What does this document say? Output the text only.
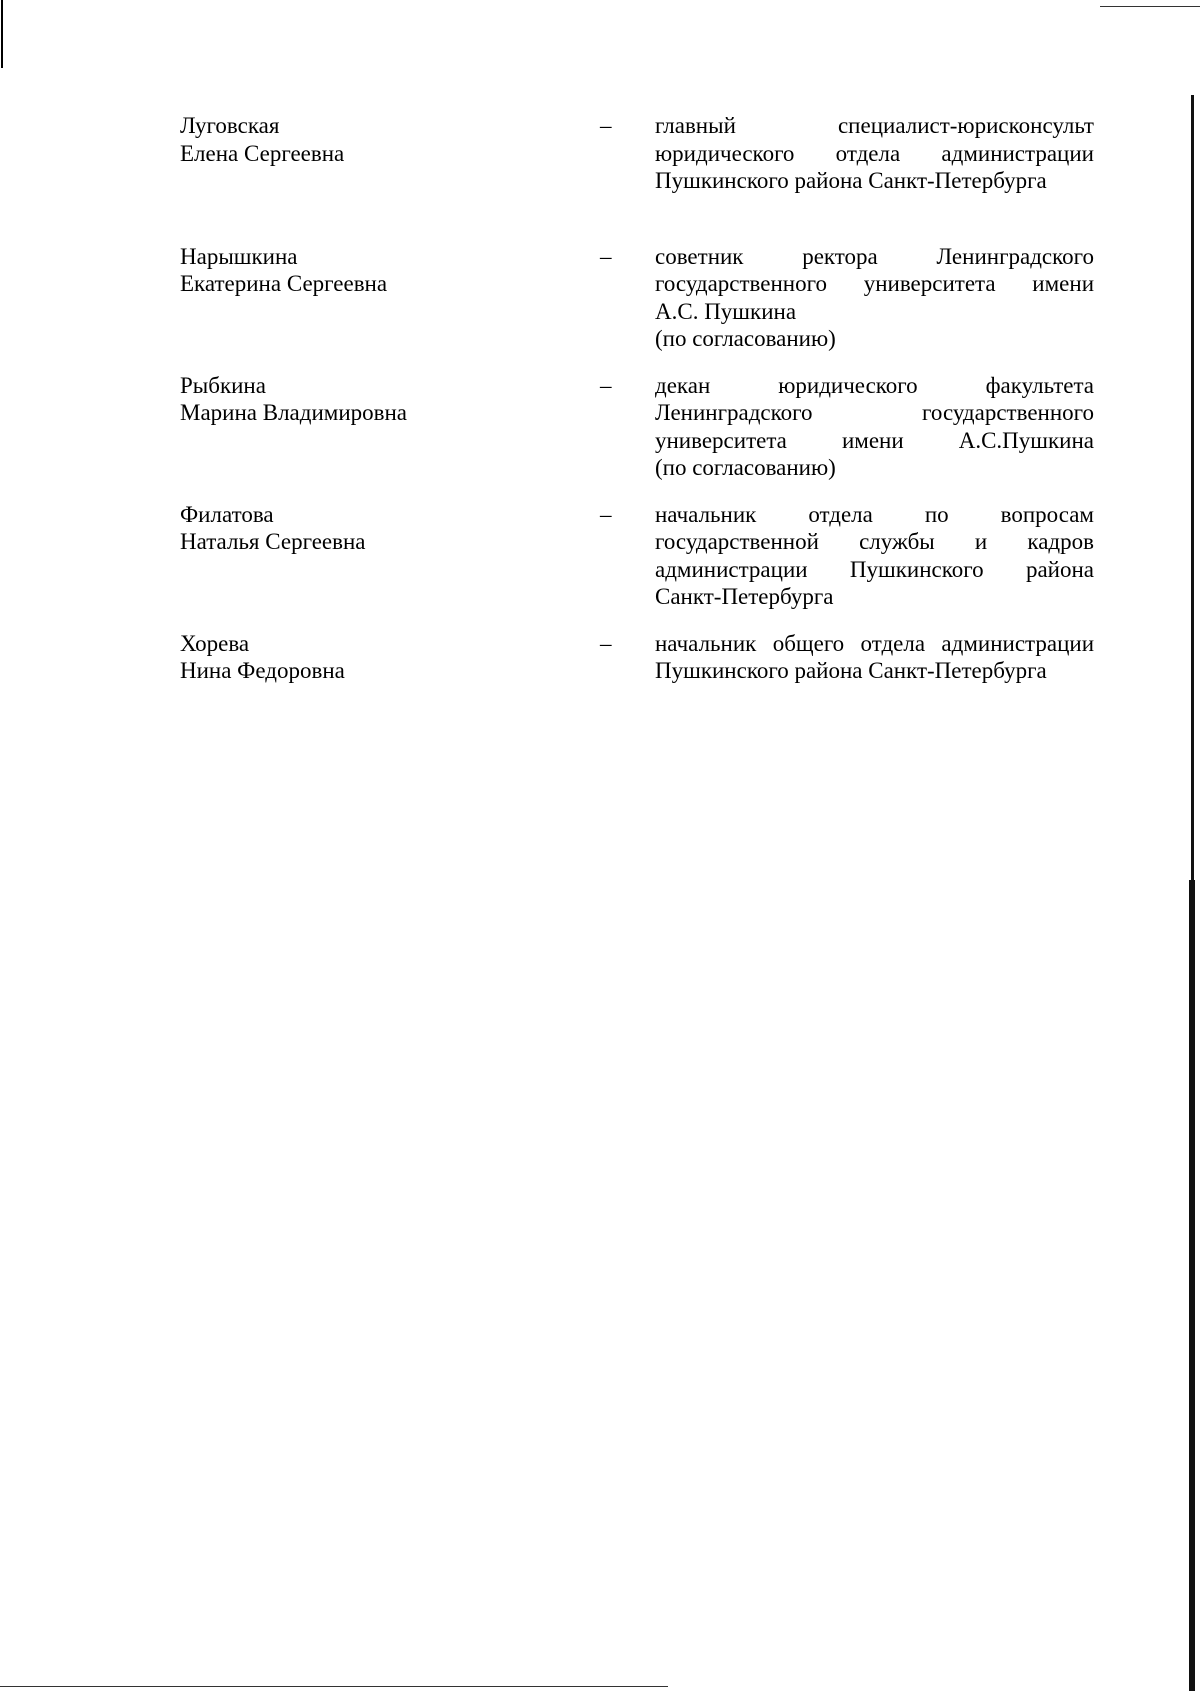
Луговская
Елена Сергеевна
–	главный специалист-юрисконсульт
юридического отдела администрации
Пушкинского района Санкт-Петербурга
Нарышкина
Екатерина Сергеевна
–	советник ректора Ленинградского
государственного университета имени
А.С. Пушкина
(по согласованию)
Рыбкина
Марина Владимировна
–	декан юридического факультета
Ленинградского государственного
университета имени А.С.Пушкина
(по согласованию)
Филатова
Наталья Сергеевна
–	начальник отдела по вопросам
государственной службы и кадров
администрации Пушкинского района
Санкт-Петербурга
Хорева
Нина Федоровна
–	начальник общего отдела администрации
Пушкинского района Санкт-Петербурга
